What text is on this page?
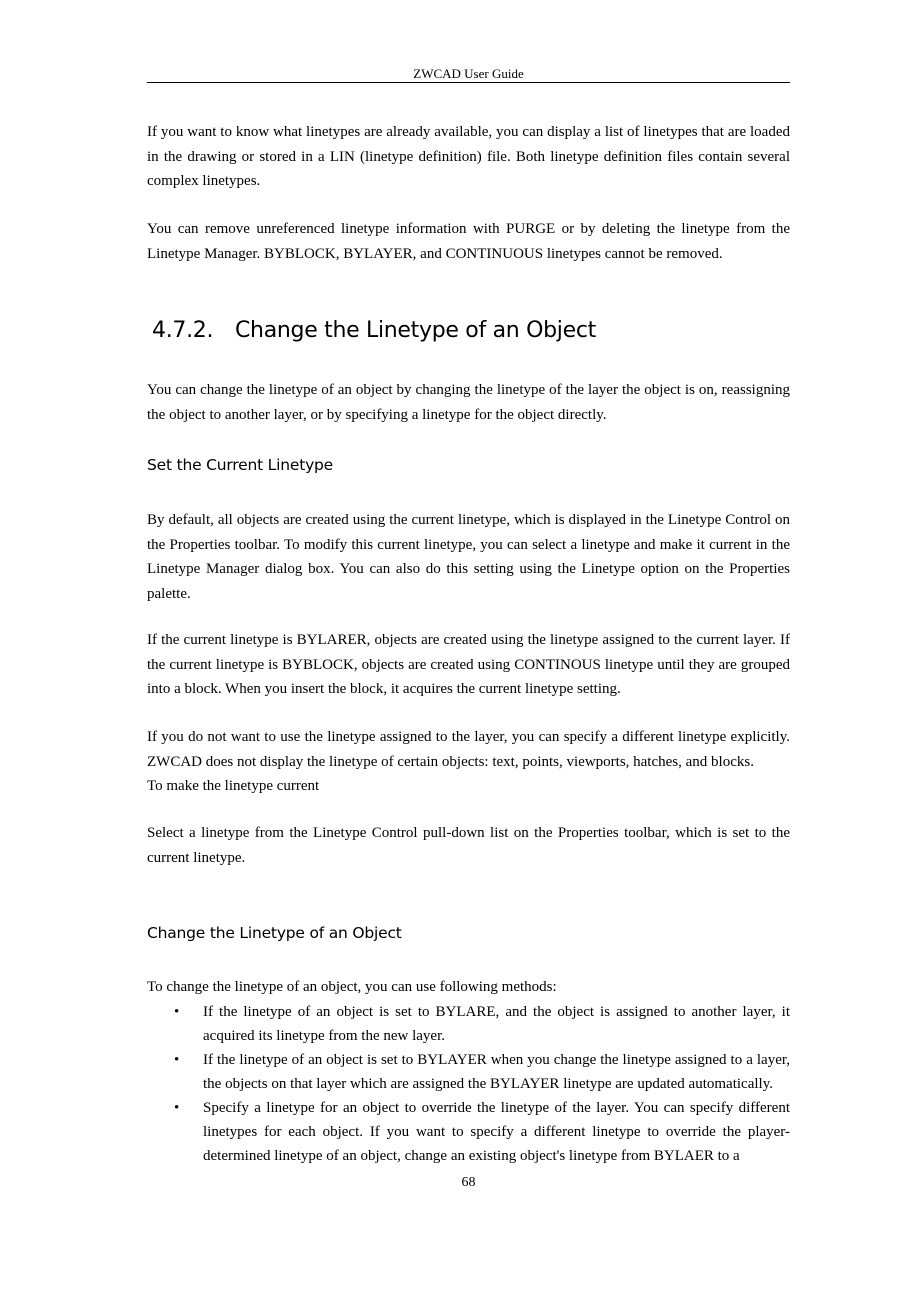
ZWCAD User Guide

If you want to know what linetypes are already available, you can display a list of linetypes that are loaded in the drawing or stored in a LIN (linetype definition) file. Both linetype definition files contain several complex linetypes.

You can remove unreferenced linetype information with PURGE or by deleting the linetype from the Linetype Manager. BYBLOCK, BYLAYER, and CONTINUOUS linetypes cannot be removed.

4.7.2. Change the Linetype of an Object

You can change the linetype of an object by changing the linetype of the layer the object is on, reassigning the object to another layer, or by specifying a linetype for the object directly.

Set the Current Linetype

By default, all objects are created using the current linetype, which is displayed in the Linetype Control on the Properties toolbar. To modify this current linetype, you can select a linetype and make it current in the Linetype Manager dialog box. You can also do this setting using the Linetype option on the Properties palette.

If the current linetype is BYLARER, objects are created using the linetype assigned to the current layer. If the current linetype is BYBLOCK, objects are created using CONTINOUS linetype until they are grouped into a block. When you insert the block, it acquires the current linetype setting.

If you do not want to use the linetype assigned to the layer, you can specify a different linetype explicitly. ZWCAD does not display the linetype of certain objects: text, points, viewports, hatches, and blocks.

To make the linetype current

Select a linetype from the Linetype Control pull-down list on the Properties toolbar, which is set to the current linetype.

Change the Linetype of an Object

To change the linetype of an object, you can use following methods:

• If the linetype of an object is set to BYLARE, and the object is assigned to another layer, it acquired its linetype from the new layer.
• If the linetype of an object is set to BYLAYER when you change the linetype assigned to a layer, the objects on that layer which are assigned the BYLAYER linetype are updated automatically.
• Specify a linetype for an object to override the linetype of the layer. You can specify different linetypes for each object. If you want to specify a different linetype to override the player-determined linetype of an object, change an existing object's linetype from BYLAER to a
68
